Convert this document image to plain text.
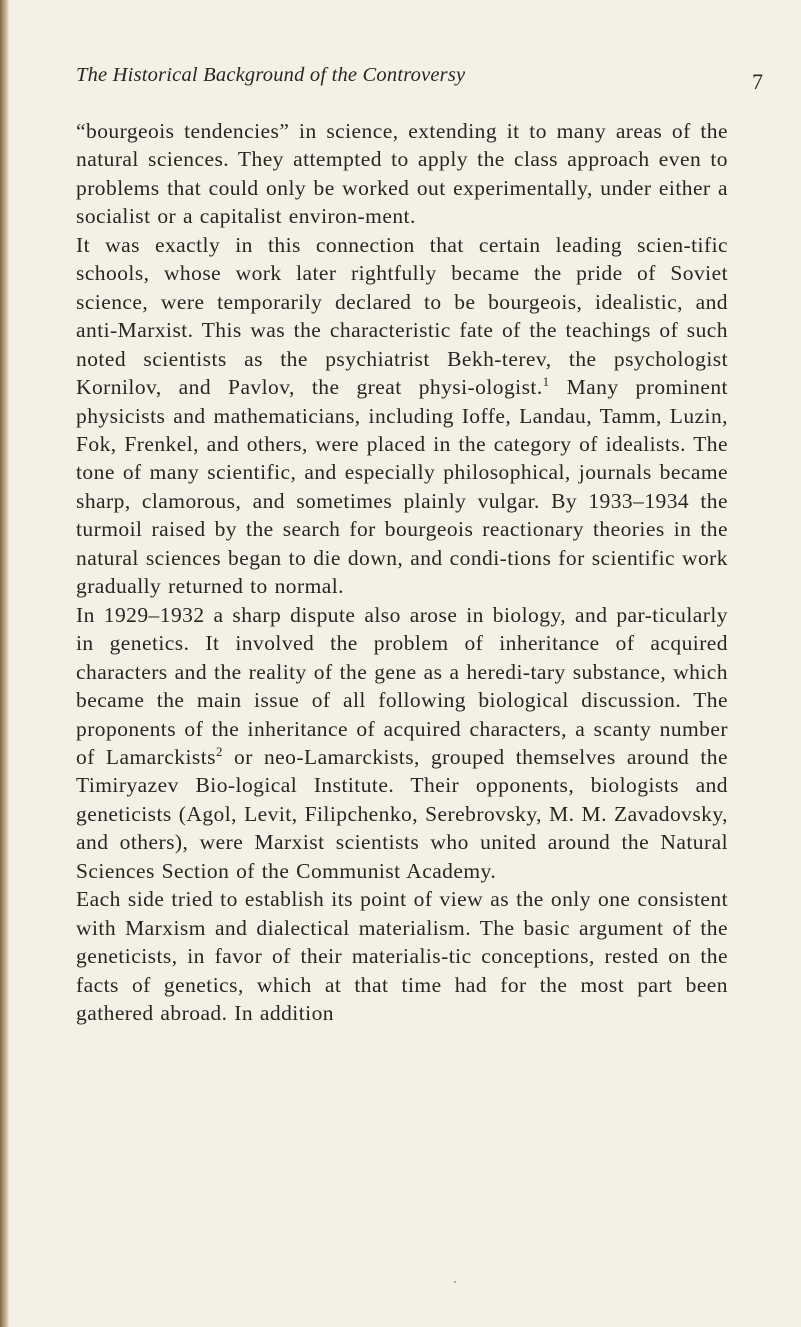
The Historical Background of the Controversy	7

“bourgeois tendencies” in science, extending it to many areas of the natural sciences. They attempted to apply the class approach even to problems that could only be worked out experimentally, under either a socialist or a capitalist environ-ment.

It was exactly in this connection that certain leading scien-tific schools, whose work later rightfully became the pride of Soviet science, were temporarily declared to be bourgeois, idealistic, and anti-Marxist. This was the characteristic fate of the teachings of such noted scientists as the psychiatrist Bekh-terev, the psychologist Kornilov, and Pavlov, the great physi-ologist.$^1$ Many prominent physicists and mathematicians, including Ioffe, Landau, Tamm, Luzin, Fok, Frenkel, and others, were placed in the category of idealists. The tone of many scientific, and especially philosophical, journals became sharp, clamorous, and sometimes plainly vulgar. By 1933–1934 the turmoil raised by the search for bourgeois reactionary theories in the natural sciences began to die down, and condi-tions for scientific work gradually returned to normal.

In 1929–1932 a sharp dispute also arose in biology, and par-ticularly in genetics. It involved the problem of inheritance of acquired characters and the reality of the gene as a heredi-tary substance, which became the main issue of all following biological discussion. The proponents of the inheritance of acquired characters, a scanty number of Lamarckists$^2$ or neo-Lamarckists, grouped themselves around the Timiryazev Bio-logical Institute. Their opponents, biologists and geneticists (Agol, Levit, Filipchenko, Serebrovsky, M. M. Zavadovsky, and others), were Marxist scientists who united around the Natural Sciences Section of the Communist Academy.

Each side tried to establish its point of view as the only one consistent with Marxism and dialectical materialism. The basic argument of the geneticists, in favor of their materialis-tic conceptions, rested on the facts of genetics, which at that time had for the most part been gathered abroad. In addition
